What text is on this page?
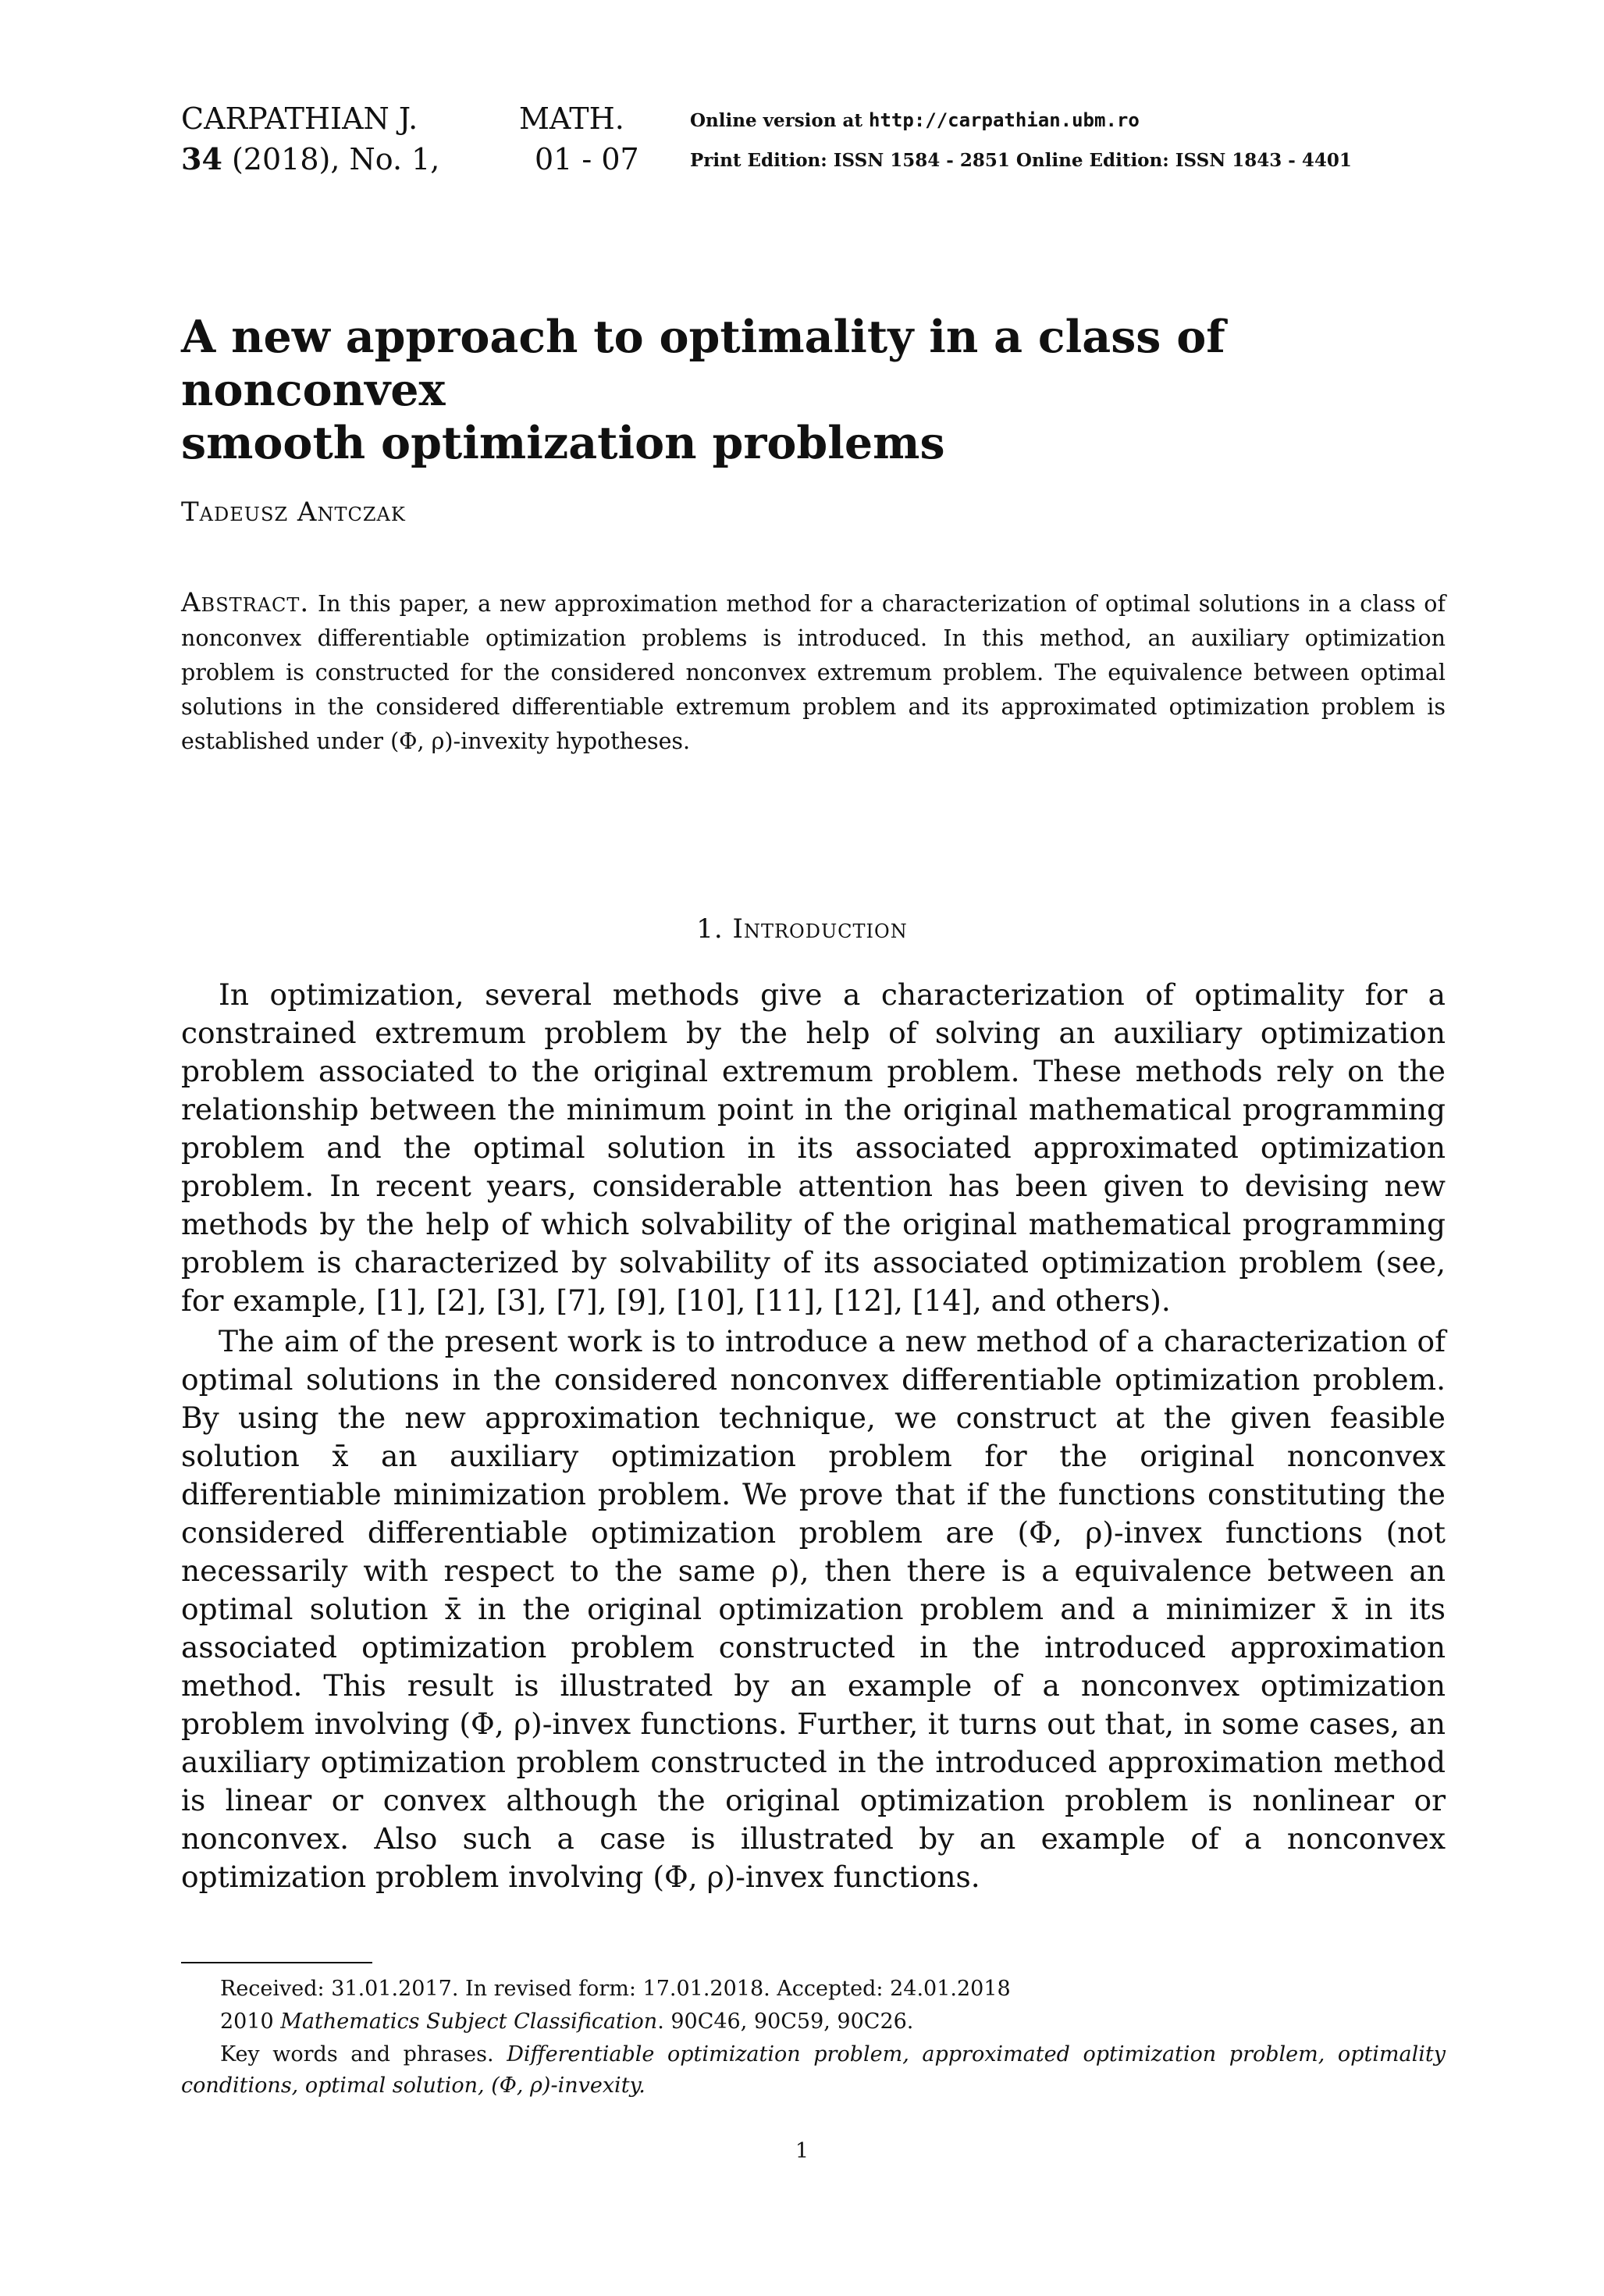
CARPATHIAN J.	MATH.
34 (2018), No. 1,	01 - 07
Online version at http://carpathian.ubm.ro
Print Edition: ISSN 1584 - 2851 Online Edition: ISSN 1843 - 4401
A new approach to optimality in a class of nonconvex
smooth optimization problems
Tadeusz Antczak
Abstract. In this paper, a new approximation method for a characterization of optimal solutions in a class of nonconvex differentiable optimization problems is introduced. In this method, an auxiliary optimization problem is constructed for the considered nonconvex extremum problem. The equivalence between optimal solutions in the considered differentiable extremum problem and its approximated optimization problem is established under (Φ, ρ)-invexity hypotheses.
1. Introduction
In optimization, several methods give a characterization of optimality for a constrained extremum problem by the help of solving an auxiliary optimization problem associated to the original extremum problem. These methods rely on the relationship between the minimum point in the original mathematical programming problem and the optimal solution in its associated approximated optimization problem. In recent years, considerable attention has been given to devising new methods by the help of which solvability of the original mathematical programming problem is characterized by solvability of its associated optimization problem (see, for example, [1], [2], [3], [7], [9], [10], [11], [12], [14], and others).
The aim of the present work is to introduce a new method of a characterization of optimal solutions in the considered nonconvex differentiable optimization problem. By using the new approximation technique, we construct at the given feasible solution x̄ an auxiliary optimization problem for the original nonconvex differentiable minimization problem. We prove that if the functions constituting the considered differentiable optimization problem are (Φ, ρ)-invex functions (not necessarily with respect to the same ρ), then there is a equivalence between an optimal solution x̄ in the original optimization problem and a minimizer x̄ in its associated optimization problem constructed in the introduced approximation method. This result is illustrated by an example of a nonconvex optimization problem involving (Φ, ρ)-invex functions. Further, it turns out that, in some cases, an auxiliary optimization problem constructed in the introduced approximation method is linear or convex although the original optimization problem is nonlinear or nonconvex. Also such a case is illustrated by an example of a nonconvex optimization problem involving (Φ, ρ)-invex functions.
Received: 31.01.2017. In revised form: 17.01.2018. Accepted: 24.01.2018
2010 Mathematics Subject Classification. 90C46, 90C59, 90C26.
Key words and phrases. Differentiable optimization problem, approximated optimization problem, optimality conditions, optimal solution, (Φ, ρ)-invexity.
1
